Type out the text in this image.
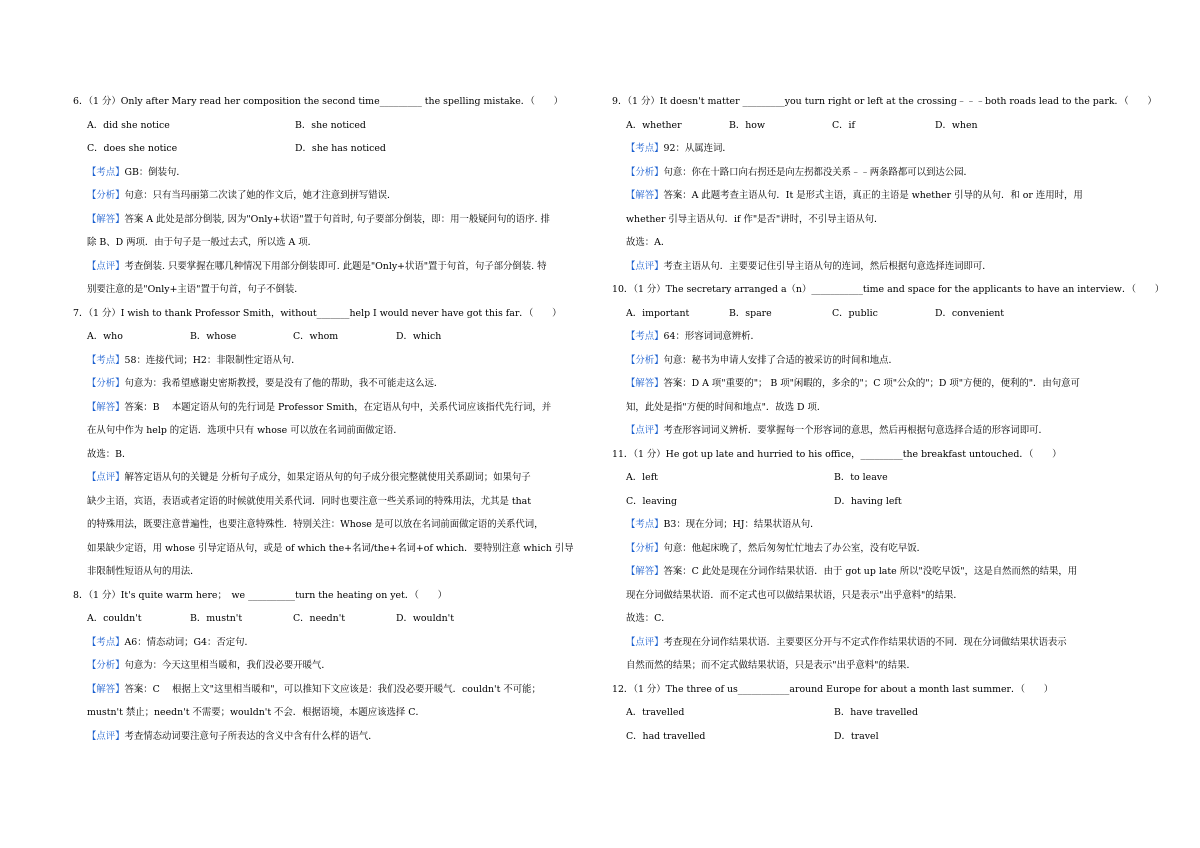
6．（1 分）Only after Mary read her composition the second time_________ the spelling mistake．（　　）
A．did she notice	B．she noticed
C．does she notice	D．she has noticed
【考点】GB：倒装句．
【分析】句意：只有当玛丽第二次读了她的作文后，她才注意到拼写错误．
【解答】答案 A 此处是部分倒装, 因为"Only+状语"置于句首时, 句子要部分倒装，即：用一般疑问句的语序. 排
除 B、D 两项．由于句子是一般过去式，所以选 A 项．
【点评】考查倒装. 只要掌握在哪几种情况下用部分倒装即可. 此题是"Only+状语"置于句首，句子部分倒装. 特
别要注意的是"Only+主语"置于句首，句子不倒装．
7．（1 分）I wish to thank Professor Smith，without_______help I would never have got this far．（　　）
A．who	B．whose	C．whom	D．which
【考点】58：连接代词；H2：非限制性定语从句．
【分析】句意为：我希望感谢史密斯教授，要是没有了他的帮助，我不可能走这么远．
【解答】答案：B　 本题定语从句的先行词是 Professor Smith，在定语从句中，关系代词应该指代先行词，并
在从句中作为 help 的定语．选项中只有 whose 可以放在名词前面做定语．
故选：B．
【点评】解答定语从句的关键是 分析句子成分，如果定语从句的句子成分很完整就使用关系副词；如果句子
缺少主语，宾语，表语或者定语的时候就使用关系代词．同时也要注意一些关系词的特殊用法，尤其是 that
的特殊用法，既要注意普遍性，也要注意特殊性．特别关注：Whose 是可以放在名词前面做定语的关系代词，
如果缺少定语，用 whose 引导定语从句，或是 of which the+名词/the+名词+of which．要特别注意 which 引导
非限制性短语从句的用法．
8．（1 分）It's quite warm here；　we __________turn the heating on yet．（　　）
A．couldn't	B．mustn't	C．needn't	D．wouldn't
【考点】A6：情态动词；G4：否定句．
【分析】句意为：今天这里相当暖和，我们没必要开暖气．
【解答】答案：C　 根据上文"这里相当暖和"，可以推知下文应该是：我们没必要开暖气．couldn't 不可能；
mustn't 禁止；needn't 不需要；wouldn't 不会．根据语境，本题应该选择 C．
【点评】考查情态动词要注意句子所表达的含义中含有什么样的语气．
9．（1 分）It doesn't matter _________you turn right or left at the crossing﹣﹣﹣both roads lead to the park．（　　）
A．whether	B．how	C．if	D．when
【考点】92：从属连词．
【分析】句意：你在十路口向右拐还是向左拐都没关系﹣﹣两条路都可以到达公园．
【解答】答案：A 此题考查主语从句．It 是形式主语，真正的主语是 whether 引导的从句．和 or 连用时，用
whether 引导主语从句．if 作"是否"讲时，不引导主语从句．
故选：A．
【点评】考查主语从句．主要要记住引导主语从句的连词，然后根据句意选择连词即可．
10．（1 分）The secretary arranged a（n）___________time and space for the applicants to have an interview．（　　）
A．important	B．spare	C．public	D．convenient
【考点】64：形容词词意辨析．
【分析】句意：秘书为申请人安排了合适的被采访的时间和地点．
【解答】答案：D A 项"重要的"； B 项"闲暇的，多余的"；C 项"公众的"；D 项"方便的，便利的"．由句意可
知，此处是指"方便的时间和地点"．故选 D 项．
【点评】考查形容词词义辨析．要掌握每一个形容词的意思，然后再根据句意选择合适的形容词即可．
11．（1 分）He got up late and hurried to his office，_________the breakfast untouched．（　　）
A．left	B．to leave
C．leaving	D．having left
【考点】B3：现在分词；HJ：结果状语从句．
【分析】句意：他起床晚了，然后匆匆忙忙地去了办公室，没有吃早饭．
【解答】答案：C 此处是现在分词作结果状语．由于 got up late 所以"没吃早饭"，这是自然而然的结果，用
现在分词做结果状语．而不定式也可以做结果状语，只是表示"出乎意料"的结果．
故选：C．
【点评】考查现在分词作结果状语．主要要区分开与不定式作作结果状语的不同．现在分词做结果状语表示
自然而然的结果；而不定式做结果状语，只是表示"出乎意料"的结果．
12．（1 分）The three of us___________around Europe for about a month last summer．（　　）
A．travelled	B．have travelled
C．had travelled	D．travel
